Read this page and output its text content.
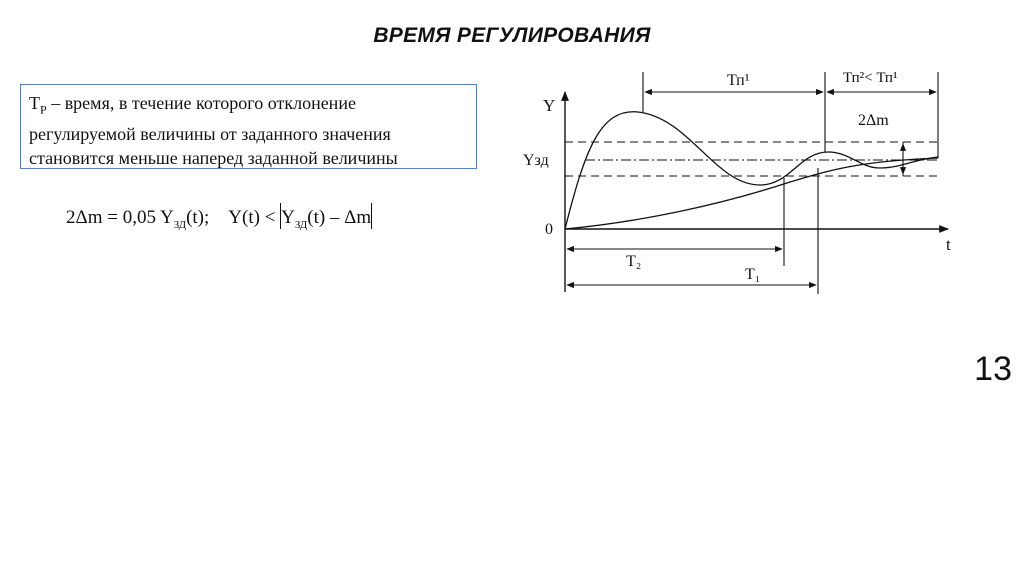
ВРЕМЯ РЕГУЛИРОВАНИЯ
$T_Р$ – время, в течение которого отклонение
регулируемой величины от заданного значения
становится меньше наперед заданной величины
2Δm = 0,05 $Y_{ЗД}(t)$; $Y(t) < Y_{ЗД}(t) - \Delta m$
Y
t
0
Yзд
2Δm
Тп¹	Тп²< Тп¹
Т₂
Т₁
13
